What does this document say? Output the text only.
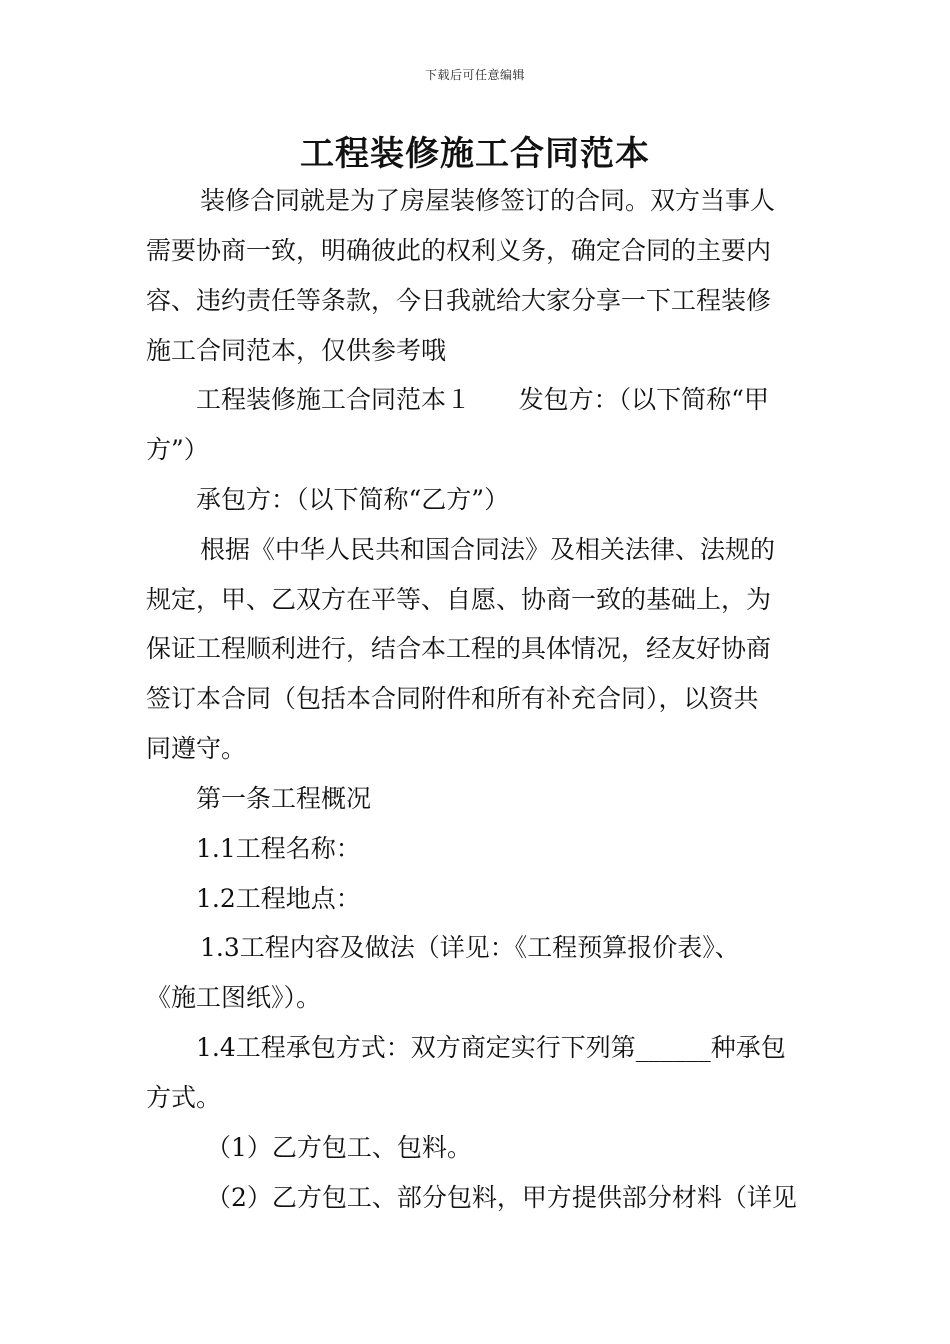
下载后可任意编辑
工程装修施工合同范本
装修合同就是为了房屋装修签订的合同。双方当事人
需要协商一致，明确彼此的权利义务，确定合同的主要内
容、违约责任等条款，今日我就给大家分享一下工程装修
施工合同范本，仅供参考哦
工程装修施工合同范本１      发包方：（以下简称“甲
方”）
承包方：（以下简称“乙方”）
根据《中华人民共和国合同法》及相关法律、法规的
规定，甲、乙双方在平等、自愿、协商一致的基础上，为
保证工程顺利进行，结合本工程的具体情况，经友好协商
签订本合同（包括本合同附件和所有补充合同），以资共
同遵守。
第一条工程概况
1.1工程名称：
1.2工程地点：
1.3工程内容及做法（详见：《工程预算报价表》、
《施工图纸》）。
1.4工程承包方式：双方商定实行下列第______种承包
方式。
（1）乙方包工、包料。
（2）乙方包工、部分包料，甲方提供部分材料（详见
